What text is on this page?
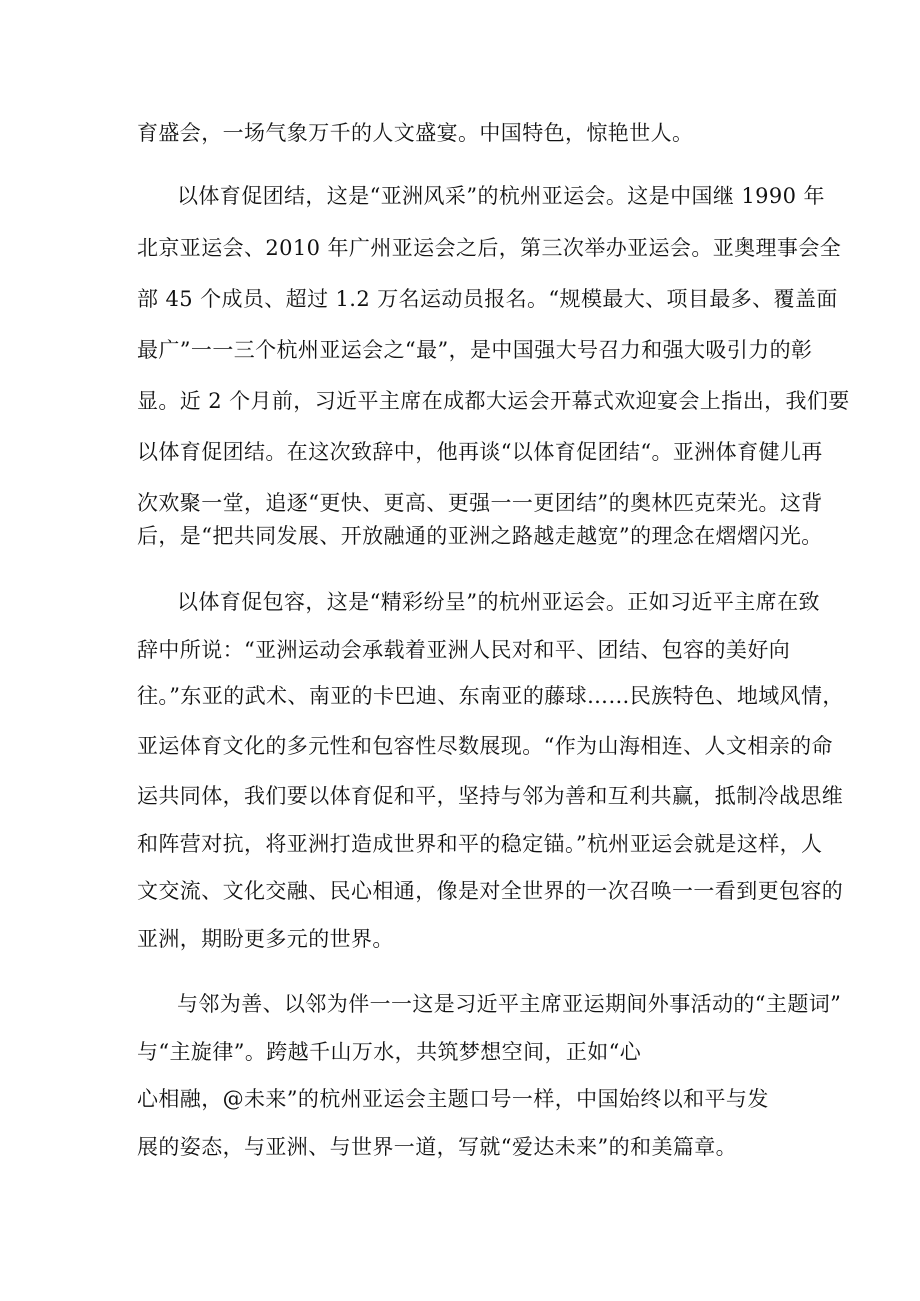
育盛会，一场气象万千的人文盛宴。中国特色，惊艳世人。
以体育促团结，这是“亚洲风采”的杭州亚运会。这是中国继 1990 年
北京亚运会、2010 年广州亚运会之后，第三次举办亚运会。亚奥理事会全
部 45 个成员、超过 1.2 万名运动员报名。“规模最大、项目最多、覆盖面
最广”一一三个杭州亚运会之“最”，是中国强大号召力和强大吸引力的彰
显。近 2 个月前，习近平主席在成都大运会开幕式欢迎宴会上指出，我们要
以体育促团结。在这次致辞中，他再谈“以体育促团结“。亚洲体育健儿再
次欢聚一堂，追逐“更快、更高、更强一一更团结”的奥林匹克荣光。这背
后，是“把共同发展、开放融通的亚洲之路越走越宽”的理念在熠熠闪光。
以体育促包容，这是“精彩纷呈”的杭州亚运会。正如习近平主席在致
辞中所说：“亚洲运动会承载着亚洲人民对和平、团结、包容的美好向
往。”东亚的武术、南亚的卡巴迪、东南亚的藤球……民族特色、地域风情，
亚运体育文化的多元性和包容性尽数展现。“作为山海相连、人文相亲的命
运共同体，我们要以体育促和平，坚持与邻为善和互利共赢，抵制冷战思维
和阵营对抗，将亚洲打造成世界和平的稳定锚。”杭州亚运会就是这样，人
文交流、文化交融、民心相通，像是对全世界的一次召唤一一看到更包容的
亚洲，期盼更多元的世界。
与邻为善、以邻为伴一一这是习近平主席亚运期间外事活动的“主题词”
与“主旋律”。跨越千山万水，共筑梦想空间，正如“心
心相融，@未来”的杭州亚运会主题口号一样，中国始终以和平与发
展的姿态，与亚洲、与世界一道，写就“爱达未来”的和美篇章。
